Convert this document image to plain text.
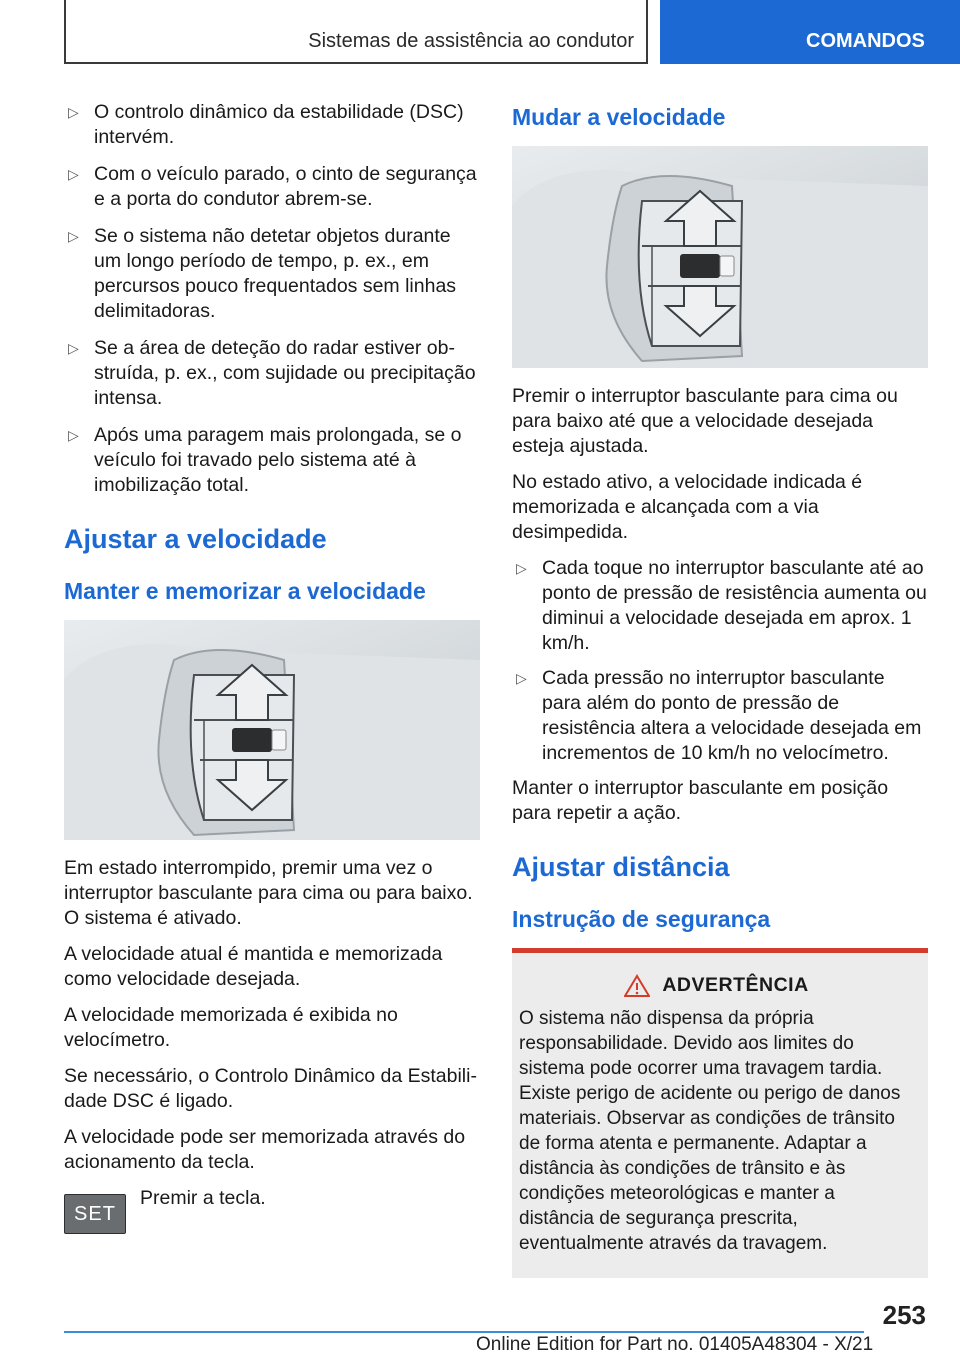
Sistemas de assistência ao condutor	COMANDOS
▷ O controlo dinâmico da estabilidade (DSC) intervém.
▷ Com o veículo parado, o cinto de segurança e a porta do condutor abrem-se.
▷ Se o sistema não detetar objetos durante um longo período de tempo, p. ex., em percursos pouco frequentados sem linhas delimitadoras.
▷ Se a área de deteção do radar estiver obstruída, p. ex., com sujidade ou precipitação intensa.
▷ Após uma paragem mais prolongada, se o veículo foi travado pelo sistema até à imobilização total.
Ajustar a velocidade
Manter e memorizar a velocidade

Em estado interrompido, premir uma vez o interruptor basculante para cima ou para baixo. O sistema é ativado.

A velocidade atual é mantida e memorizada como velocidade desejada.

A velocidade memorizada é exibida no velocímetro.

Se necessário, o Controlo Dinâmico da Estabilidade DSC é ligado.

A velocidade pode ser memorizada através do acionamento da tecla.

SET
Premir a tecla.
Mudar a velocidade

Premir o interruptor basculante para cima ou para baixo até que a velocidade desejada esteja ajustada.

No estado ativo, a velocidade indicada é memorizada e alcançada com a via desimpedida.

▷ Cada toque no interruptor basculante até ao ponto de pressão de resistência aumenta ou diminui a velocidade desejada em aprox. 1 km/h.
▷ Cada pressão no interruptor basculante para além do ponto de pressão de resistência altera a velocidade desejada em incrementos de 10 km/h no velocímetro.

Manter o interruptor basculante em posição para repetir a ação.

Ajustar distância
Instrução de segurança
ADVERTÊNCIA
O sistema não dispensa da própria responsabilidade. Devido aos limites do sistema pode ocorrer uma travagem tardia. Existe perigo de acidente ou perigo de danos materiais. Observar as condições de trânsito de forma atenta e permanente. Adaptar a distância às condições de trânsito e às condições meteorológicas e manter a distância de segurança prescrita, eventualmente através da travagem.
253
Online Edition for Part no. 01405A48304 - X/21
